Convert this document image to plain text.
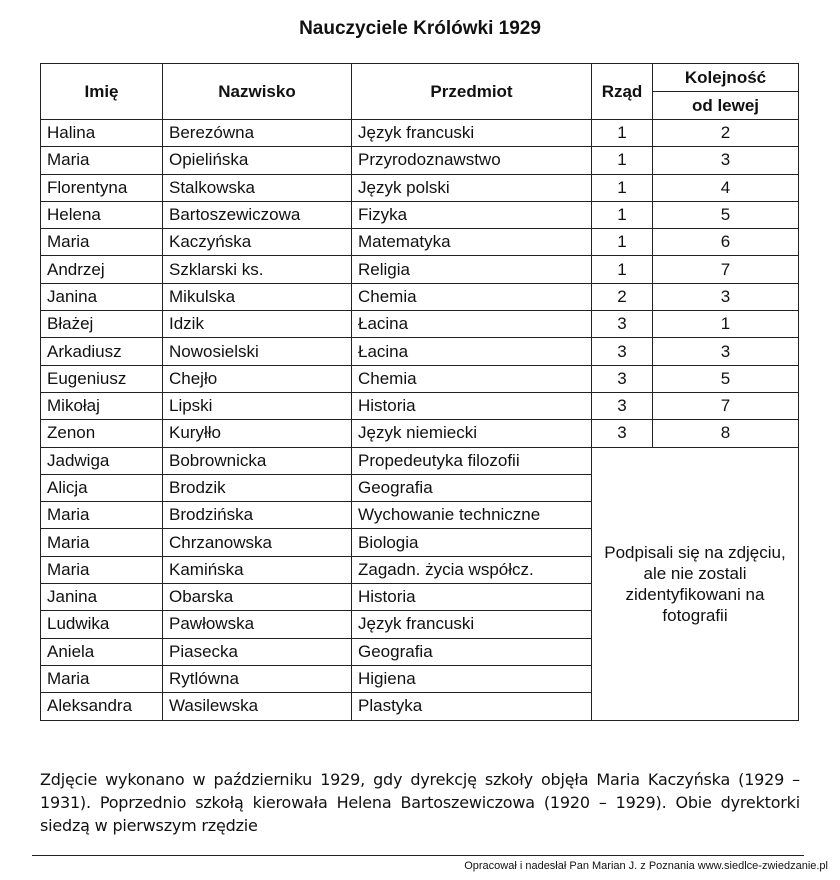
Nauczyciele Królówki 1929
Imię	Nazwisko	Przedmiot	Rząd	Kolejność
				od lewej
Halina	Berezówna	Język francuski	1	2
Maria	Opielińska	Przyrodoznawstwo	1	3
Florentyna	Stalkowska	Język polski	1	4
Helena	Bartoszewiczowa	Fizyka	1	5
Maria	Kaczyńska	Matematyka	1	6
Andrzej	Szklarski ks.	Religia	1	7
Janina	Mikulska	Chemia	2	3
Błażej	Idzik	Łacina	3	1
Arkadiusz	Nowosielski	Łacina	3	3
Eugeniusz	Chejło	Chemia	3	5
Mikołaj	Lipski	Historia	3	7
Zenon	Kuryłło	Język niemiecki	3	8
Jadwiga	Bobrownicka	Propedeutyka filozofii	Podpisali się na zdjęciu, ale nie zostali zidentyfikowani na fotografii	
Alicja	Brodzik	Geografia		
Maria	Brodzińska	Wychowanie techniczne		
Maria	Chrzanowska	Biologia		
Maria	Kamińska	Zagadn. życia współcz.		
Janina	Obarska	Historia		
Ludwika	Pawłowska	Język francuski		
Aniela	Piasecka	Geografia		
Maria	Rytlówna	Higiena		
Aleksandra	Wasilewska	Plastyka		
Zdjęcie wykonano w październiku 1929, gdy dyrekcję szkoły objęła Maria Kaczyńska (1929 – 1931). Poprzednio szkołą kierowała Helena Bartoszewiczowa (1920 – 1929). Obie dyrektorki siedzą w pierwszym rzędzie
Opracował i nadesłał Pan Marian J. z Poznania www.siedlce-zwiedzanie.pl
